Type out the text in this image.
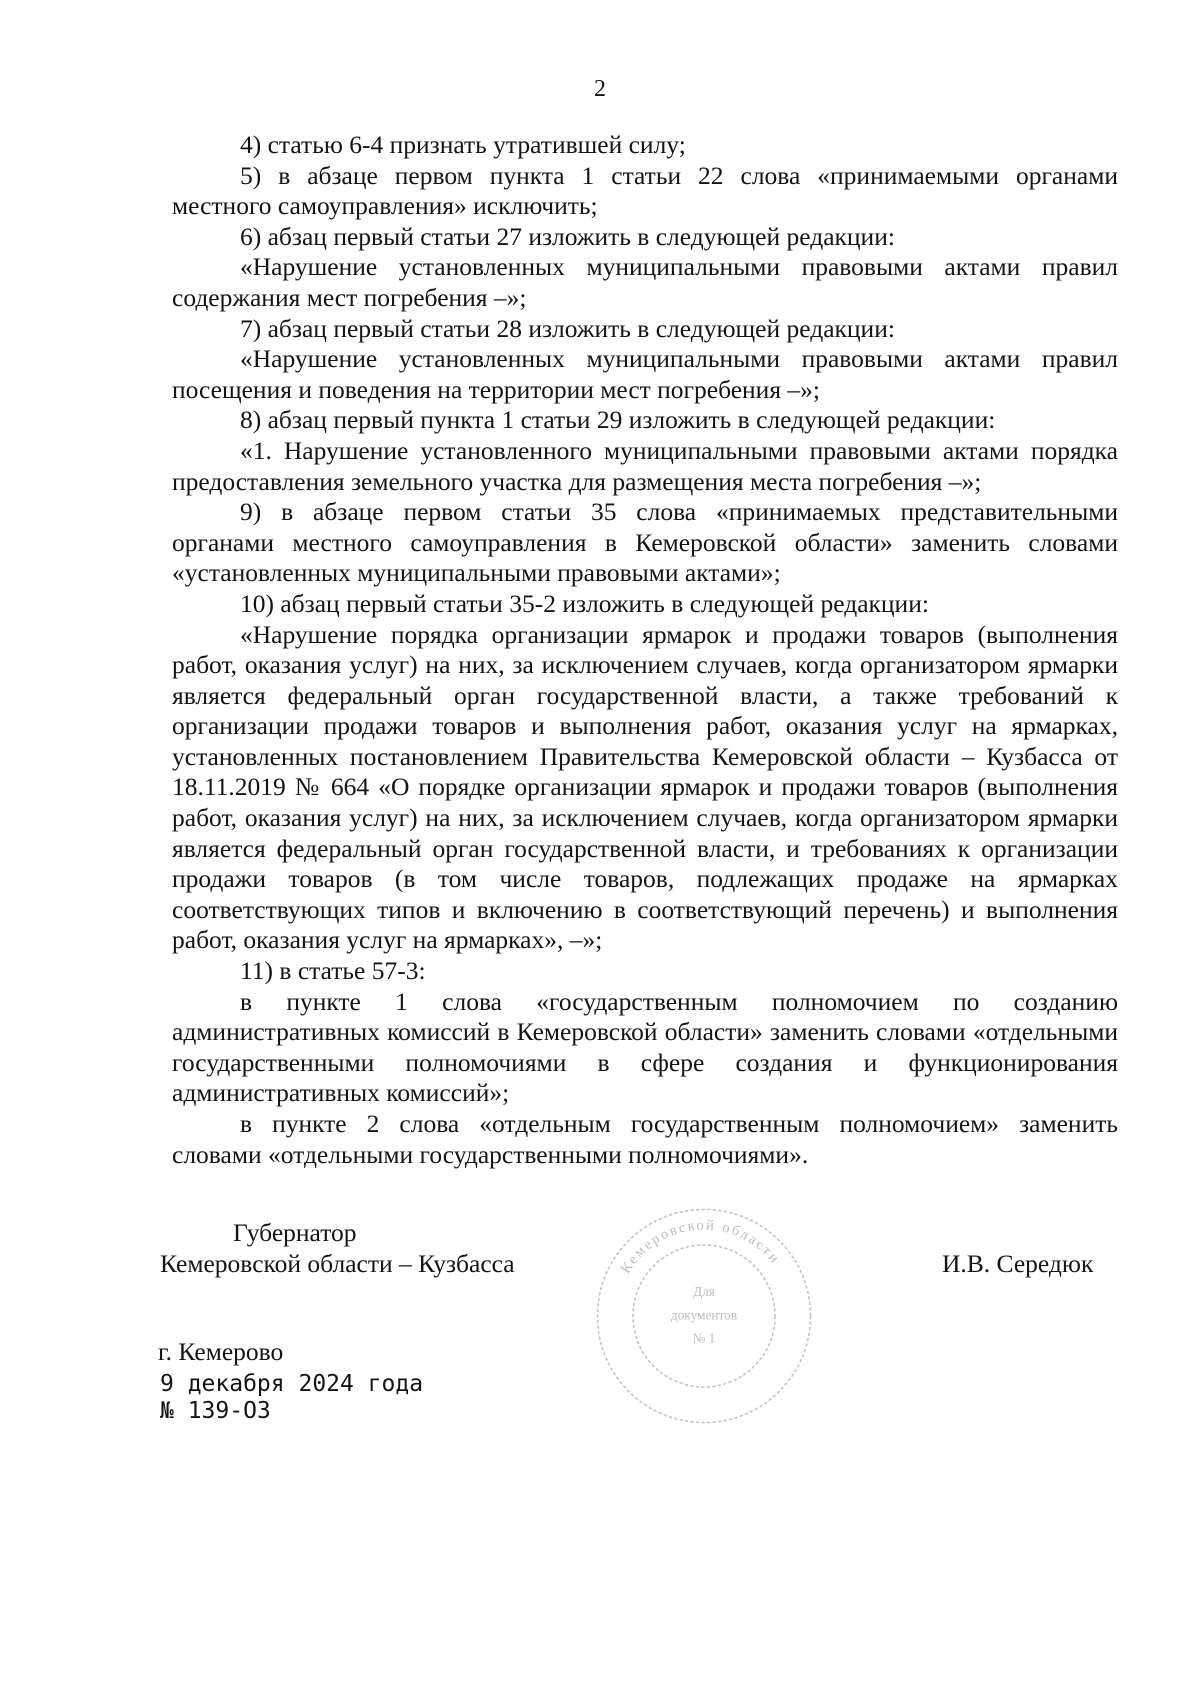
2

4) статью 6-4 признать утратившей силу;

5) в абзаце первом пункта 1 статьи 22 слова «принимаемыми органами местного самоуправления» исключить;

6) абзац первый статьи 27 изложить в следующей редакции:

«Нарушение установленных муниципальными правовыми актами правил содержания мест погребения –»;

7) абзац первый статьи 28 изложить в следующей редакции:

«Нарушение установленных муниципальными правовыми актами правил посещения и поведения на территории мест погребения –»;

8) абзац первый пункта 1 статьи 29 изложить в следующей редакции:

«1. Нарушение установленного муниципальными правовыми актами порядка предоставления земельного участка для размещения места погребения –»;

9) в абзаце первом статьи 35 слова «принимаемых представительными органами местного самоуправления в Кемеровской области» заменить словами «установленных муниципальными правовыми актами»;

10) абзац первый статьи 35-2 изложить в следующей редакции:

«Нарушение порядка организации ярмарок и продажи товаров (выполнения работ, оказания услуг) на них, за исключением случаев, когда организатором ярмарки является федеральный орган государственной власти, а также требований к организации продажи товаров и выполнения работ, оказания услуг на ярмарках, установленных постановлением Правительства Кемеровской области – Кузбасса от 18.11.2019 № 664 «О порядке организации ярмарок и продажи товаров (выполнения работ, оказания услуг) на них, за исключением случаев, когда организатором ярмарки является федеральный орган государственной власти, и требованиях к организации продажи товаров (в том числе товаров, подлежащих продаже на ярмарках соответствующих типов и включению в соответствующий перечень) и выполнения работ, оказания услуг на ярмарках», –»;

11) в статье 57-3:

в пункте 1 слова «государственным полномочием по созданию административных комиссий в Кемеровской области» заменить словами «отдельными государственными полномочиями в сфере создания и функционирования административных комиссий»;

в пункте 2 слова «отдельным государственным полномочием» заменить словами «отдельными государственными полномочиями».

Губернатор
Кемеровской области – Кузбасса	Кемеровской области
Для
документов
№ 1
И.В. Середюк
г. Кемерово
9 декабря 2024 года
№ 139-ОЗ
